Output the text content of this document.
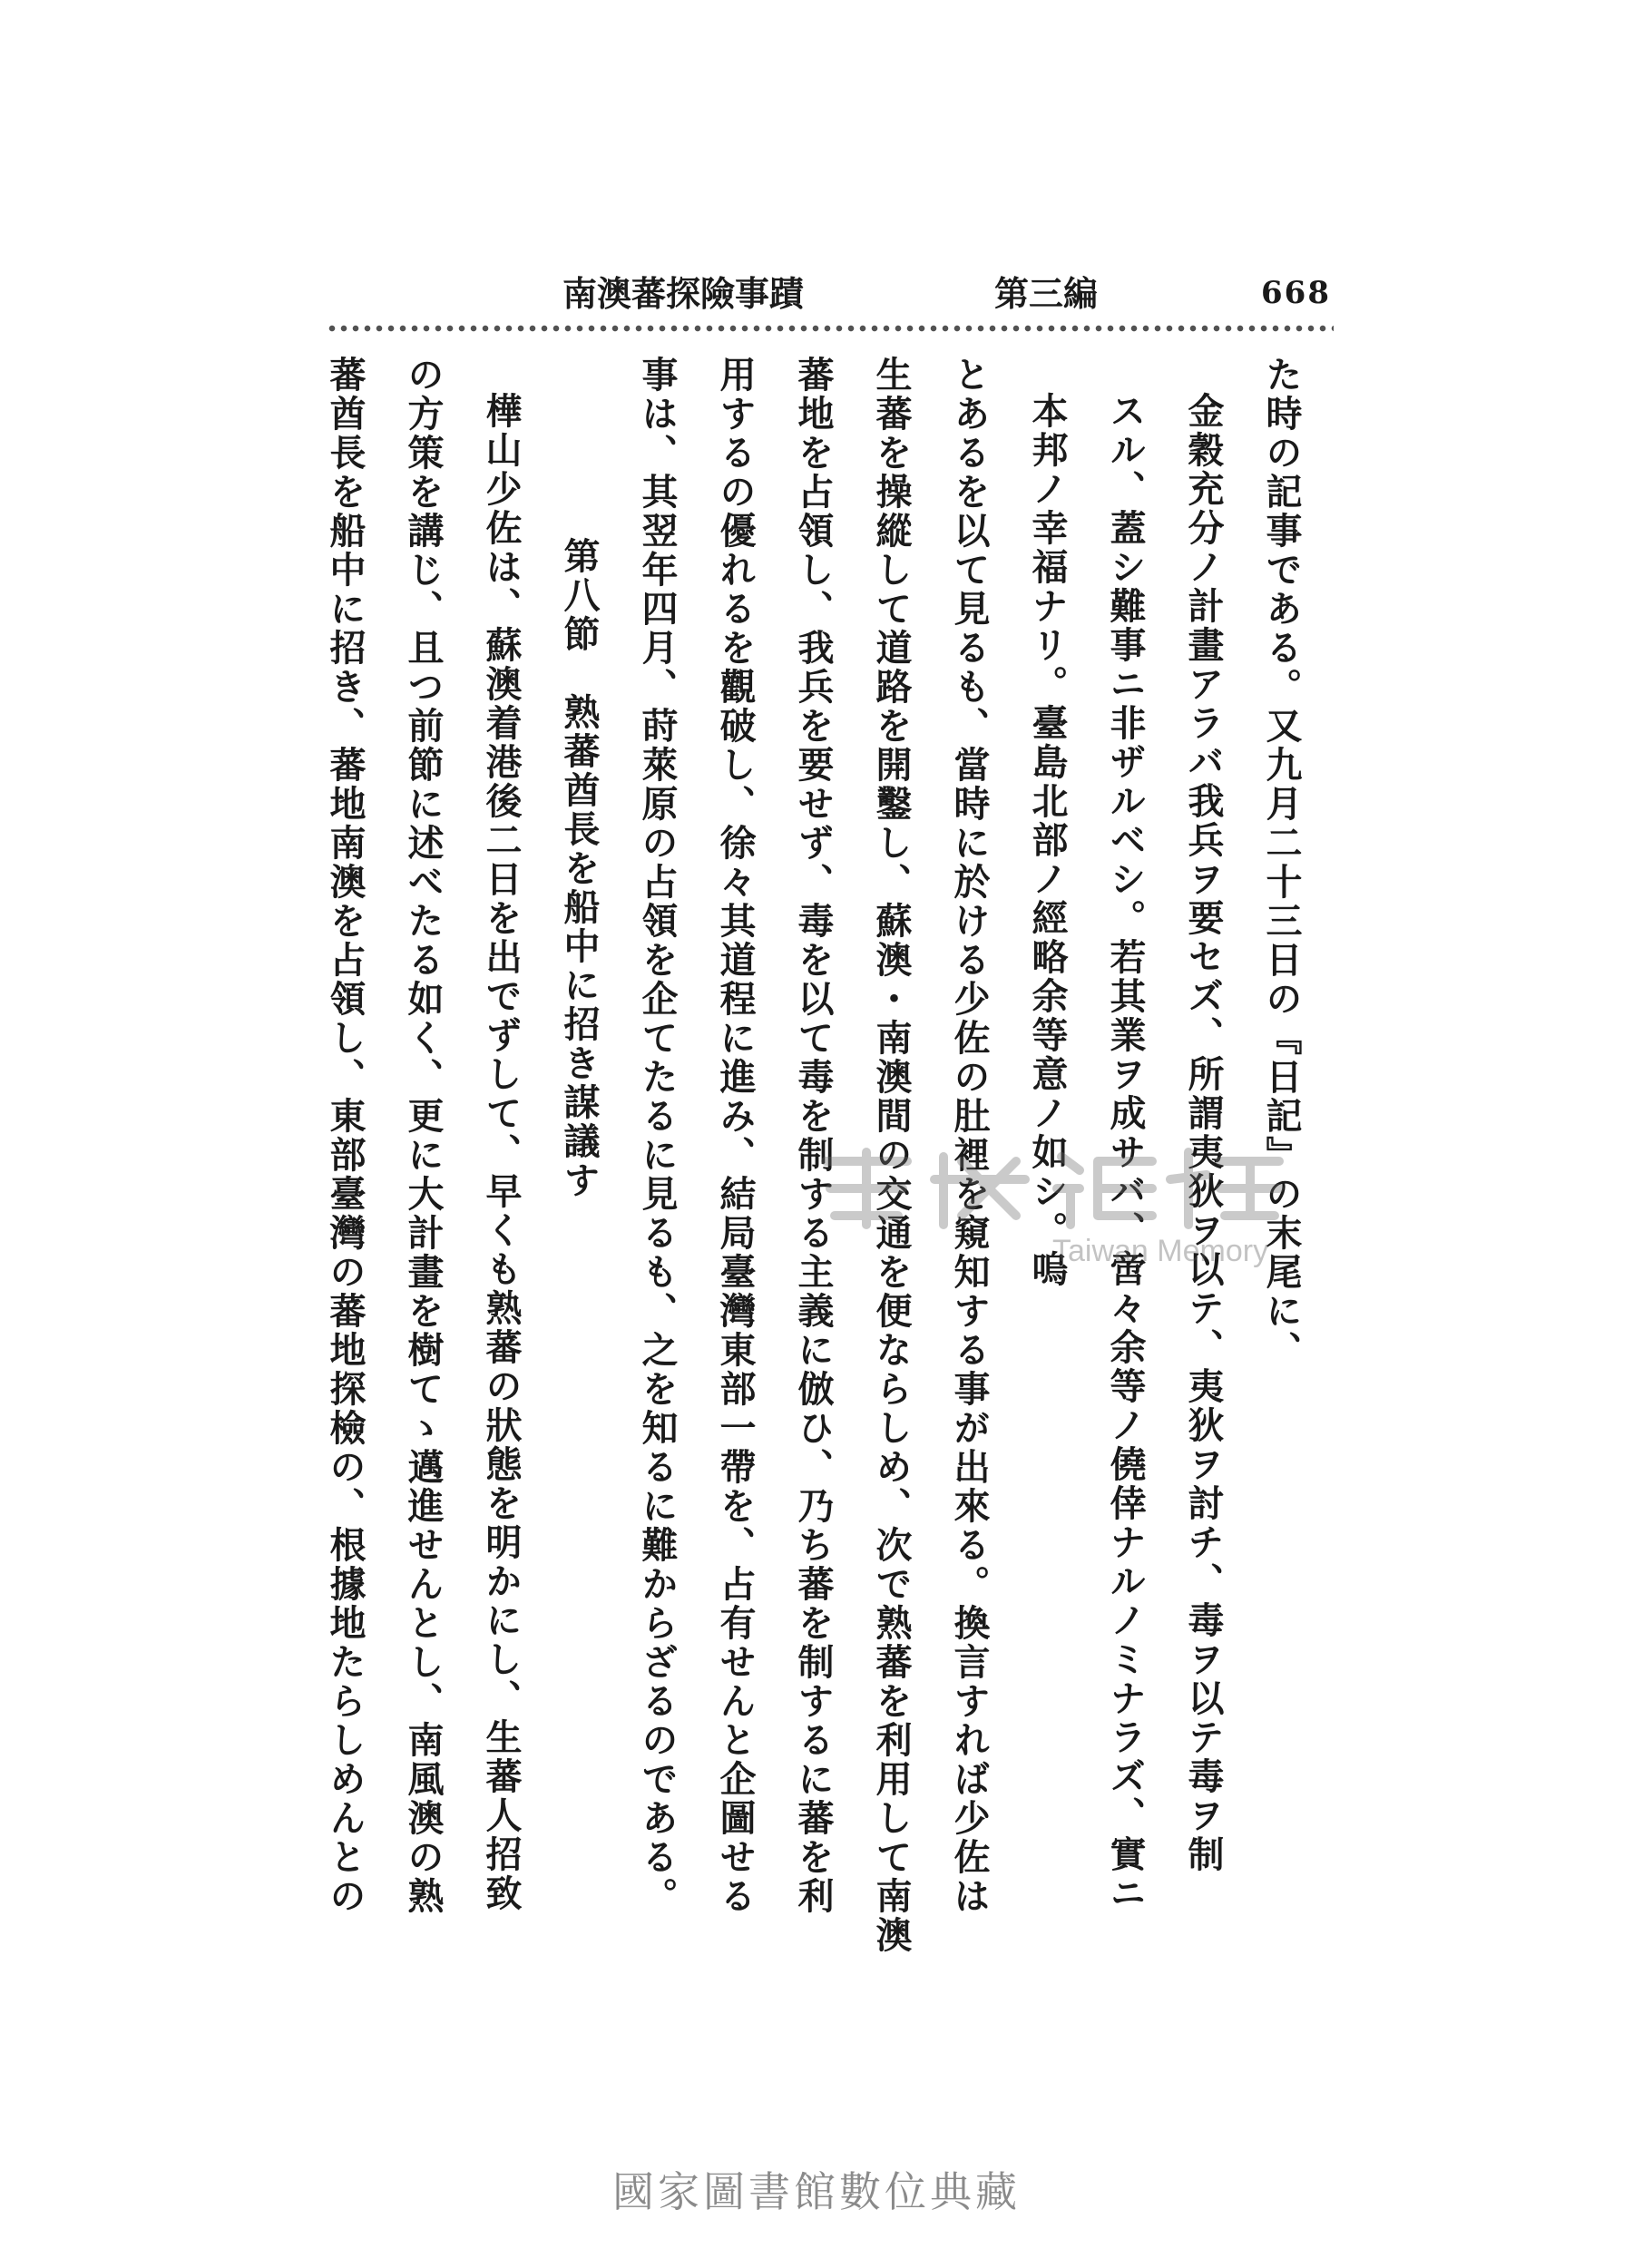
668
南澳蕃探險事蹟	第三編

た時の記事である。又九月二十三日の『日記』の末尾に、

金穀充分ノ計畫アラバ我兵ヲ要セズ、所謂夷狄ヲ以テ、夷狄ヲ討チ、毒ヲ以テ毒ヲ制

スル、蓋シ難事ニ非ザルベシ。若其業ヲ成サバ、啻々余等ノ僥倖ナルノミナラズ、實ニ

本邦ノ幸福ナリ。臺島北部ノ經略余等意ノ如シ。嗚

とあるを以て見るも、當時に於ける少佐の肚裡を窺知する事が出來る。換言すれば少佐は

生蕃を操縱して道路を開鑿し、蘇澳・南澳間の交通を便ならしめ、次で熟蕃を利用して南澳

蕃地を占領し、我兵を要せず、毒を以て毒を制する主義に倣ひ、乃ち蕃を制するに蕃を利

用するの優れるを觀破し、徐々其道程に進み、結局臺灣東部一帶を、占有せんと企圖せる

事は、其翌年四月、莳萊原の占領を企てたるに見るも、之を知るに難からざるのである。

第八節　熟蕃酋長を船中に招き謀議す

樺山少佐は、蘇澳着港後二日を出でずして、早くも熟蕃の狀態を明かにし、生蕃人招致

の方策を講じ、且つ前節に述べたる如く、更に大計畫を樹てゝ邁進せんとし、南風澳の熟

蕃酋長を船中に招き、蕃地南澳を占領し、東部臺灣の蕃地探檢の、根據地たらしめんとの	Taiwan Memory
國家圖書館數位典藏
